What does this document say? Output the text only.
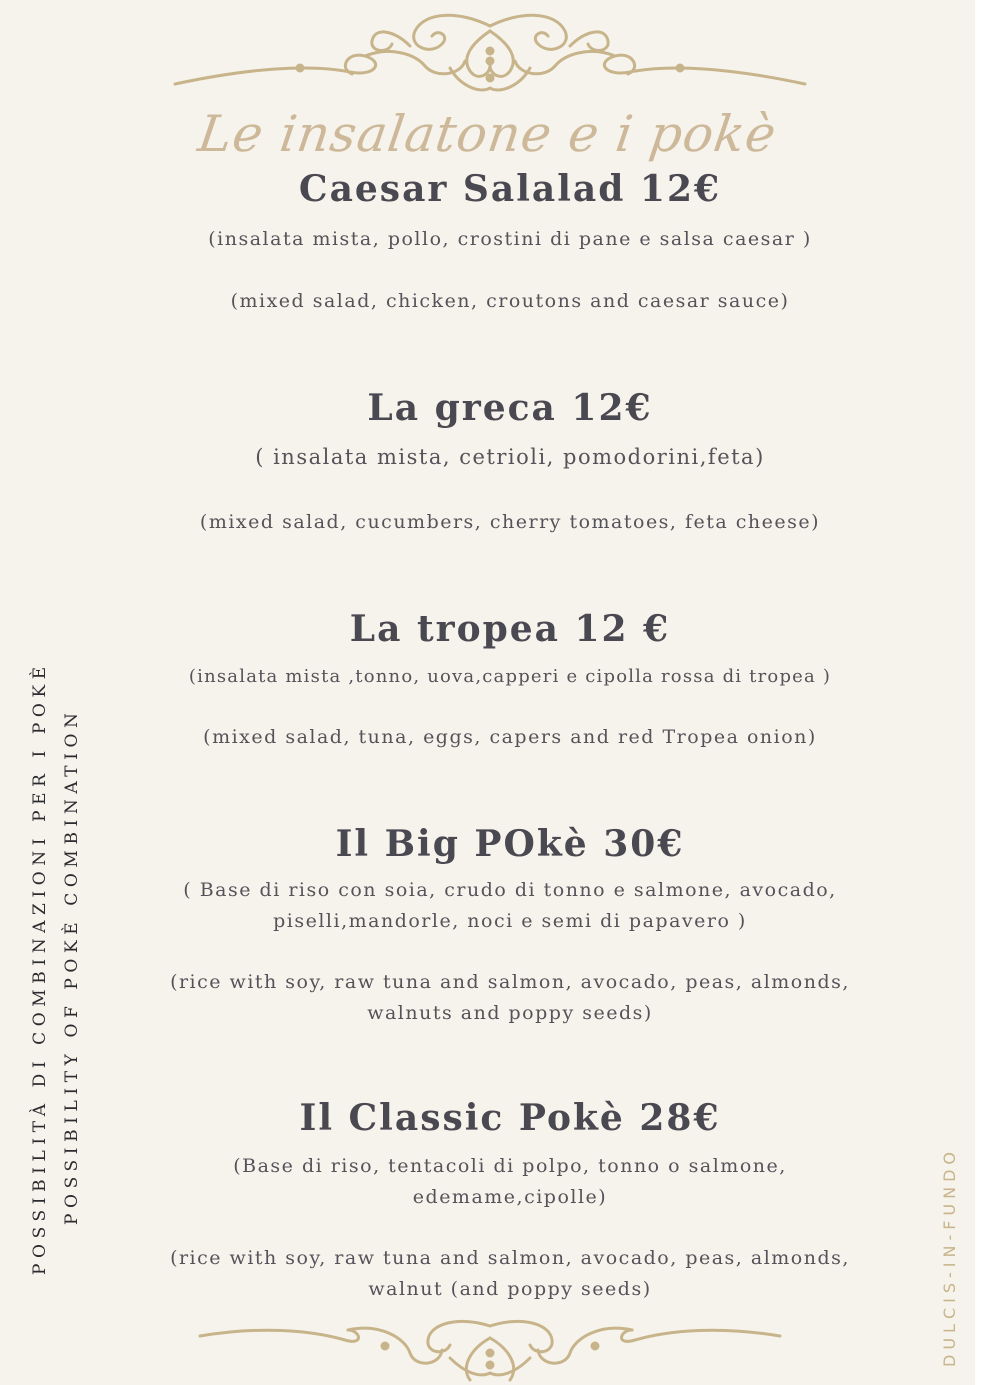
Le insalatone e i pokè
Caesar Salalad 12€
(insalata mista, pollo, crostini di pane e salsa caesar )
(mixed salad, chicken, croutons and caesar sauce)
La greca 12€
( insalata mista, cetrioli, pomodorini,feta)
(mixed salad, cucumbers, cherry tomatoes, feta cheese)
La tropea 12 €
(insalata mista ,tonno, uova,capperi e cipolla rossa di tropea )
(mixed salad, tuna, eggs, capers and red Tropea onion)
Il Big POkè 30€
( Base di riso con soia, crudo di tonno e salmone, avocado,
piselli,mandorle, noci e semi di papavero )
(rice with soy, raw tuna and salmon, avocado, peas, almonds,
walnuts and poppy seeds)
Il Classic Pokè 28€
(Base di riso, tentacoli di polpo, tonno o salmone,
edemame,cipolle)
(rice with soy, raw tuna and salmon, avocado, peas, almonds,
walnut (and poppy seeds)
POSSIBILITÀ DI COMBINAZIONI PER I POKÈ POSSIBILITY OF POKÈ COMBINATION
DULCIS-IN-FUNDO
